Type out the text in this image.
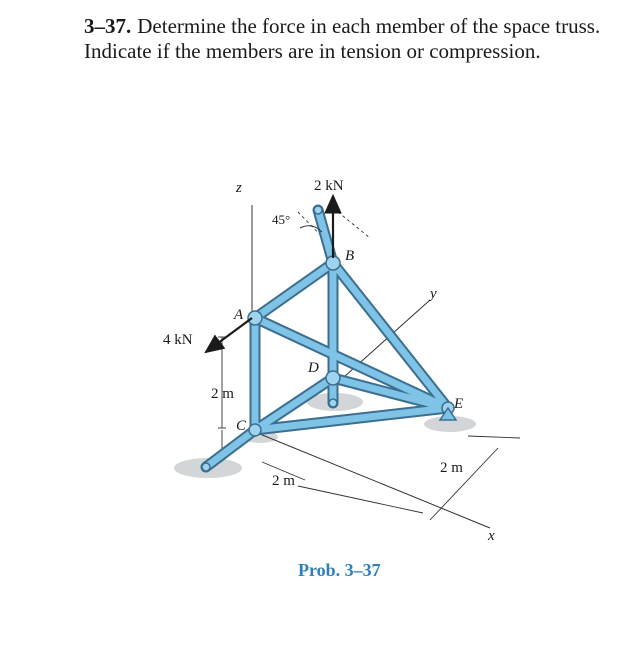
3–37. Determine the force in each member of the space truss. Indicate if the members are in tension or compression.

2 kN
4 kN
45°
z
y
x
A
B
C
D
E
2 m
2 m
2 m
Prob. 3–37
